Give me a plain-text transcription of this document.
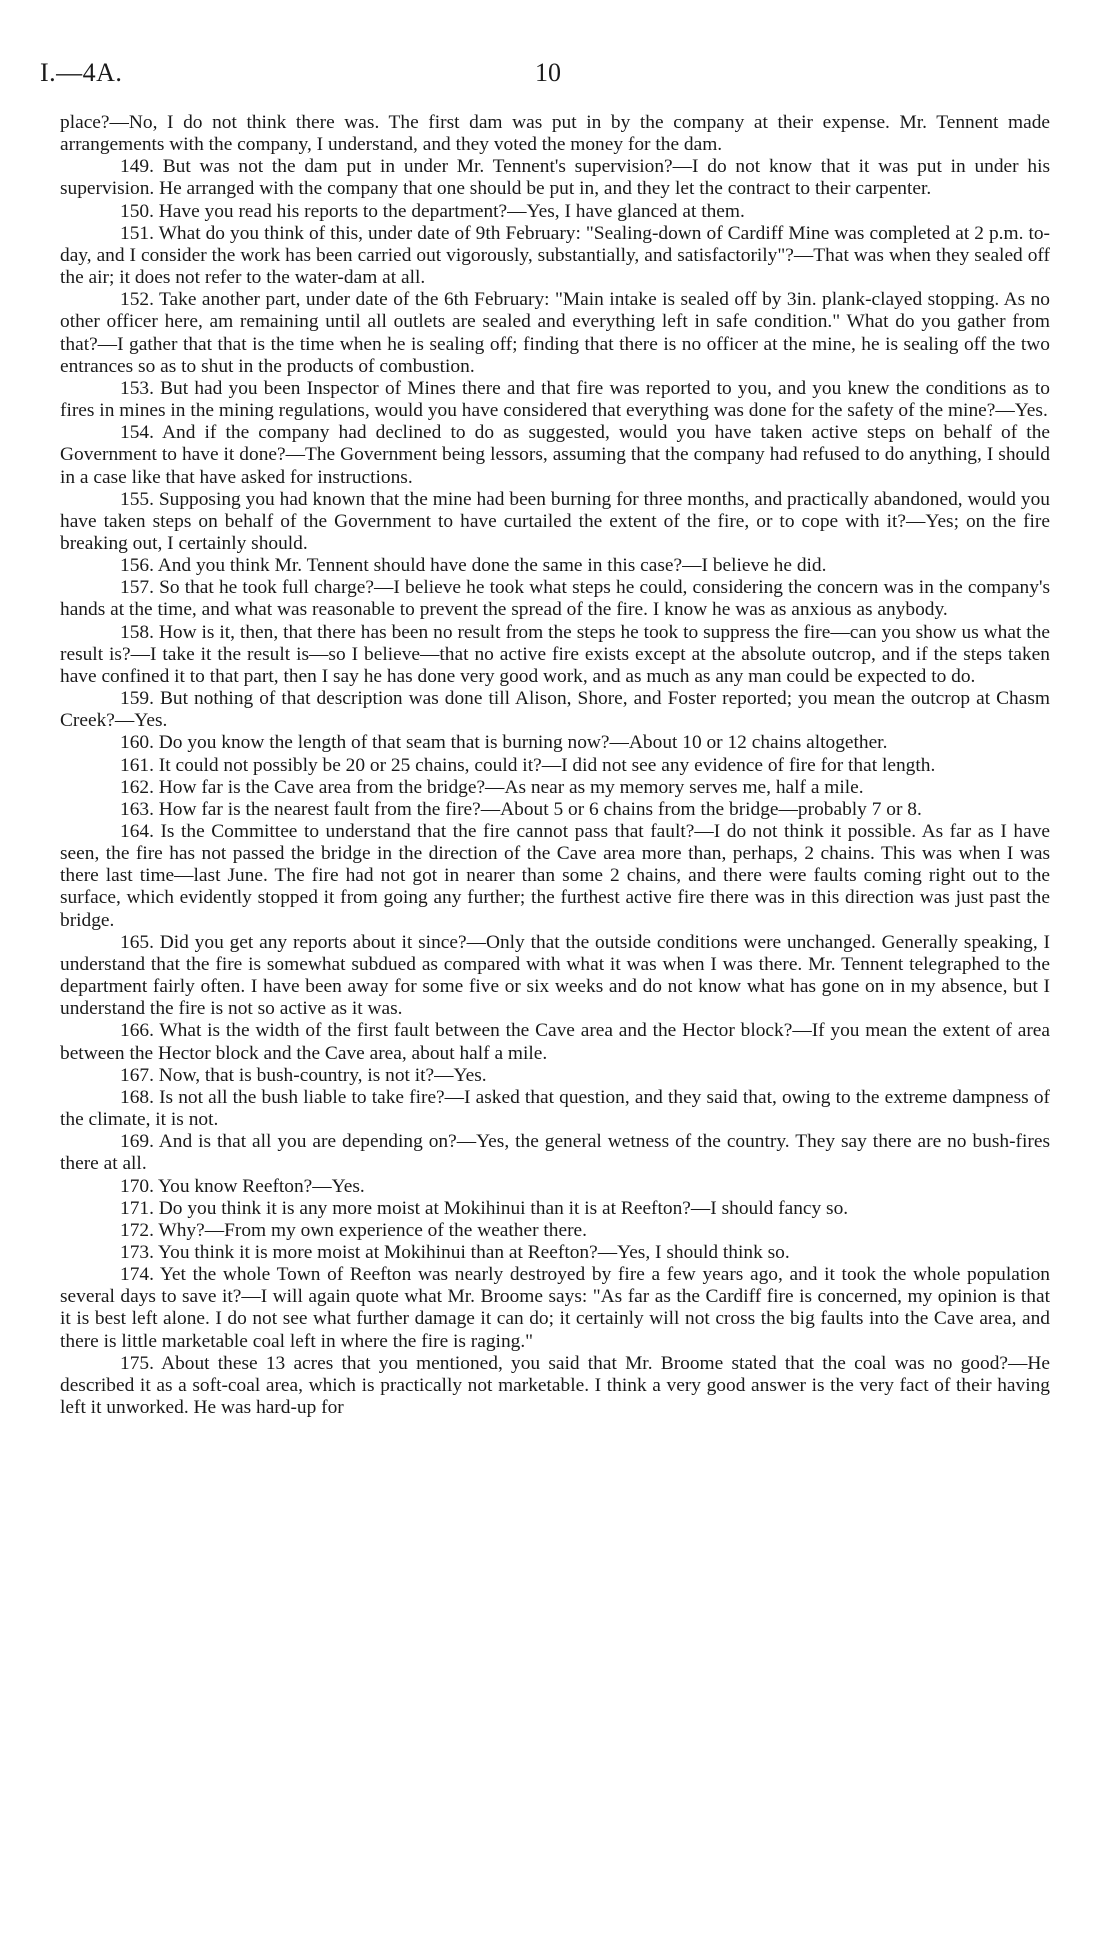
I.—4A.	10

place?—No, I do not think there was. The first dam was put in by the company at their expense. Mr. Tennent made arrangements with the company, I understand, and they voted the money for the dam.

149. But was not the dam put in under Mr. Tennent's supervision?—I do not know that it was put in under his supervision. He arranged with the company that one should be put in, and they let the contract to their carpenter.

150. Have you read his reports to the department?—Yes, I have glanced at them.

151. What do you think of this, under date of 9th February: "Sealing-down of Cardiff Mine was completed at 2 p.m. to-day, and I consider the work has been carried out vigorously, substantially, and satisfactorily"?—That was when they sealed off the air; it does not refer to the water-dam at all.

152. Take another part, under date of the 6th February: "Main intake is sealed off by 3in. plank-clayed stopping. As no other officer here, am remaining until all outlets are sealed and everything left in safe condition." What do you gather from that?—I gather that that is the time when he is sealing off; finding that there is no officer at the mine, he is sealing off the two entrances so as to shut in the products of combustion.

153. But had you been Inspector of Mines there and that fire was reported to you, and you knew the conditions as to fires in mines in the mining regulations, would you have considered that everything was done for the safety of the mine?—Yes.

154. And if the company had declined to do as suggested, would you have taken active steps on behalf of the Government to have it done?—The Government being lessors, assuming that the company had refused to do anything, I should in a case like that have asked for instructions.

155. Supposing you had known that the mine had been burning for three months, and practically abandoned, would you have taken steps on behalf of the Government to have curtailed the extent of the fire, or to cope with it?—Yes; on the fire breaking out, I certainly should.

156. And you think Mr. Tennent should have done the same in this case?—I believe he did.

157. So that he took full charge?—I believe he took what steps he could, considering the concern was in the company's hands at the time, and what was reasonable to prevent the spread of the fire. I know he was as anxious as anybody.

158. How is it, then, that there has been no result from the steps he took to suppress the fire—can you show us what the result is?—I take it the result is—so I believe—that no active fire exists except at the absolute outcrop, and if the steps taken have confined it to that part, then I say he has done very good work, and as much as any man could be expected to do.

159. But nothing of that description was done till Alison, Shore, and Foster reported; you mean the outcrop at Chasm Creek?—Yes.

160. Do you know the length of that seam that is burning now?—About 10 or 12 chains altogether.

161. It could not possibly be 20 or 25 chains, could it?—I did not see any evidence of fire for that length.

162. How far is the Cave area from the bridge?—As near as my memory serves me, half a mile.

163. How far is the nearest fault from the fire?—About 5 or 6 chains from the bridge—probably 7 or 8.

164. Is the Committee to understand that the fire cannot pass that fault?—I do not think it possible. As far as I have seen, the fire has not passed the bridge in the direction of the Cave area more than, perhaps, 2 chains. This was when I was there last time—last June. The fire had not got in nearer than some 2 chains, and there were faults coming right out to the surface, which evidently stopped it from going any further; the furthest active fire there was in this direction was just past the bridge.

165. Did you get any reports about it since?—Only that the outside conditions were unchanged. Generally speaking, I understand that the fire is somewhat subdued as compared with what it was when I was there. Mr. Tennent telegraphed to the department fairly often. I have been away for some five or six weeks and do not know what has gone on in my absence, but I understand the fire is not so active as it was.

166. What is the width of the first fault between the Cave area and the Hector block?—If you mean the extent of area between the Hector block and the Cave area, about half a mile.

167. Now, that is bush-country, is not it?—Yes.

168. Is not all the bush liable to take fire?—I asked that question, and they said that, owing to the extreme dampness of the climate, it is not.

169. And is that all you are depending on?—Yes, the general wetness of the country. They say there are no bush-fires there at all.

170. You know Reefton?—Yes.

171. Do you think it is any more moist at Mokihinui than it is at Reefton?—I should fancy so.

172. Why?—From my own experience of the weather there.

173. You think it is more moist at Mokihinui than at Reefton?—Yes, I should think so.

174. Yet the whole Town of Reefton was nearly destroyed by fire a few years ago, and it took the whole population several days to save it?—I will again quote what Mr. Broome says: "As far as the Cardiff fire is concerned, my opinion is that it is best left alone. I do not see what further damage it can do; it certainly will not cross the big faults into the Cave area, and there is little marketable coal left in where the fire is raging."

175. About these 13 acres that you mentioned, you said that Mr. Broome stated that the coal was no good?—He described it as a soft-coal area, which is practically not marketable. I think a very good answer is the very fact of their having left it unworked. He was hard-up for
